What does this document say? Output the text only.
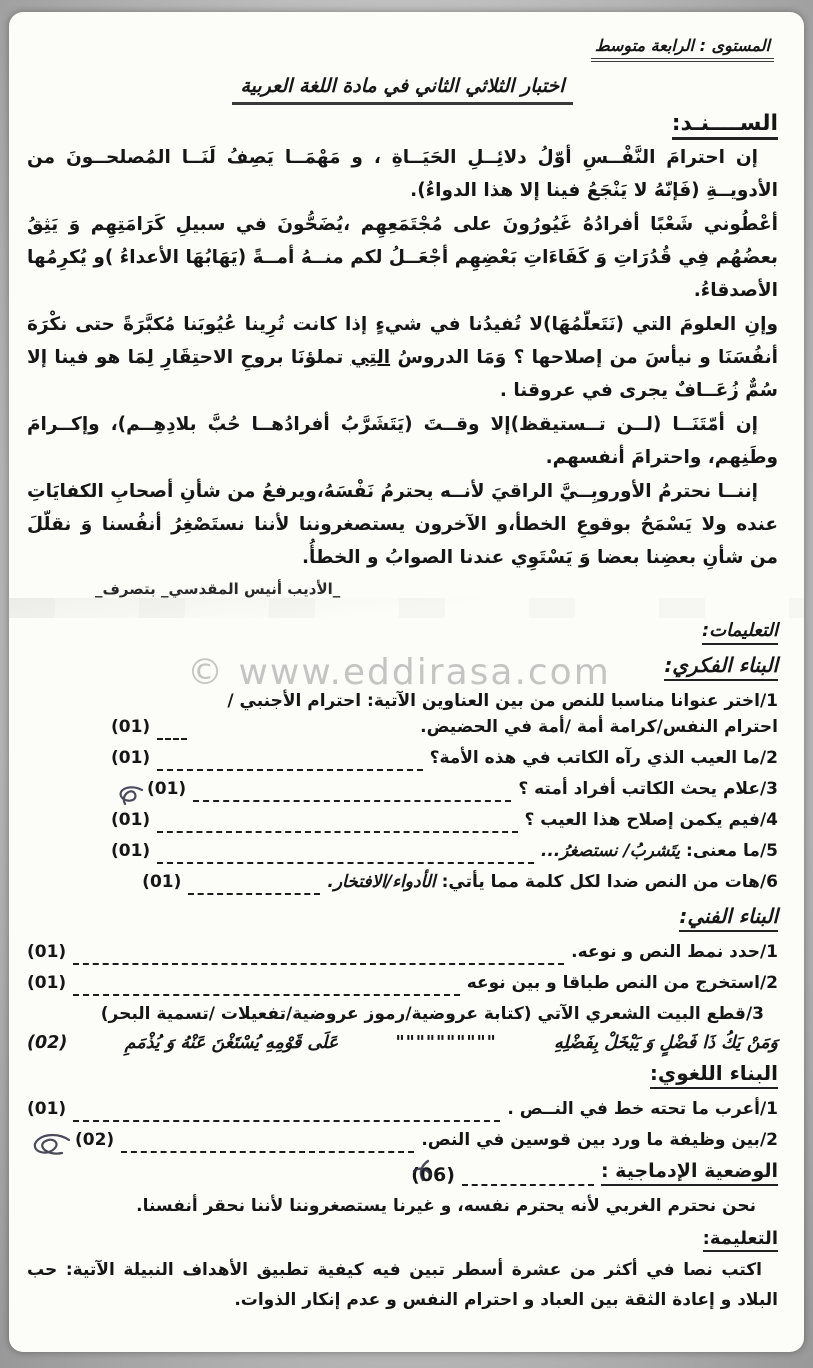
© www.eddirasa.com
المستوى : الرابعة متوسط
اختبار الثلاثي الثاني في مادة اللغة العربية
الســــنـد:

إن احترامَ النَّفْــسِ أوّلُ دلائِــلِ الحَيَــاةِ ، و مَهْمَــا يَصِفُ لَنَــا المُصلحــونَ من الأدويــةِ (فَإنّهُ لا يَنْجَعُ فينا إلا هذا الدواءُ).

أعْطُوني شَعْبًا أفرادُهُ غَيُورُونَ على مُجْتَمَعِهِم ،يُضَحُّونَ في سبيلِ كَرَامَتِهِم وَ يَثِقُ بعضُهُم فِي قُدُرَاتِ وَ كَفَاءَاتِ بَعْضِهِم أجْعَــلُ لكم منــهُ أمــةً (يَهَابُهَا الأعداءُ )و يُكرِمُها الأصدقاءُ.

وإنِ العلومَ التي (نَتَعلّمُهَا)لا تُفيدُنا في شيءٍ إذا كانت تُرِينا عُيُوبَنا مُكبَّرَةً حتى نكْرَهَ أنفُسَنَا و نيأسَ من إصلاحها ؟ وَمَا الدروسُ التِي تملؤنَا بروحِ الاحتِقَارِ لِمَا هو فينا إلا سُمٌّ زُعَــافٌ يجرى في عروقنا .

إن أمّتَنَــا (لــن تــستيقظ)إلا وقــتَ (يَتَشَرَّبُ أفرادُهــا حُبَّ بلادِهِــم)، وإكــرامَ وطَنِهم، واحترامَ أنفسهم.

إننــا نحترمُ الأوروبِــيَّ الراقيَ لأنــه يحترمُ نَفْسَهُ،ويرفعُ من شأنِ أصحابِ الكفايَاتِ عنده ولا يَسْمَحُ بوقوعِ الخطأ،و الآخرون يستصغروننا لأننا نستَصْغِرُ أنفُسنا وَ نقلّلَ من شأنِ بعضِنا بعضا وَ يَسْتَوِي عندنا الصوابُ و الخطأُ.

_الأديب أنيس المقدسي_ بتصرف_

التعليمات:
البناء الفكري:
1/اختر عنوانا مناسبا للنص من بين العناوين الآتية: احترام الأجنبي /احترام النفس/كرامة أمة /أمة في الحضيض.
(01)
2/ما العيب الذي رآه الكاتب في هذه الأمة؟
(01)
3/علام يحث الكاتب أفراد أمته ؟
(01)
4/فيم يكمن إصلاح هذا العيب ؟
(01)
5/ما معنى: يتَشربُ/ نستصغرُ...
(01)
6/هات من النص ضدا لكل كلمة مما يأتي: الأدواء/الافتخار.
(01)
البناء الفني:
1/حدد نمط النص و نوعه.
(01)
2/استخرج من النص طباقا و بين نوعه
(01)

3/قطع البيت الشعري الآتي (كتابة عروضية/رموز عروضية/تفعيلات /تسمية البحر)

وَمَنْ يَكُ ذَا فَضْلٍ وَ يَبْخَلْ بِفَضْلِهِ
""""""""""
عَلَى قَوْمِهِ يُسْتَغْنَ عَنْهُ وَ يُذْمَمِ
(02)
البناء اللغوي:
1/أعرب ما تحته خط في النــص .
(01)
2/بين وظيفة ما ورد بين قوسين في النص.
(02)
الوضعية الإدماجية :
(06)

نحن نحترم الغربي لأنه يحترم نفسه، و غيرنا يستصغروننا لأننا نحقر أنفسنا.

التعليمة:

اكتب نصا في أكثر من عشرة أسطر تبين فيه كيفية تطبيق الأهداف النبيلة الآتية: حب البلاد و إعادة الثقة بين العباد و احترام النفس و عدم إنكار الذوات.
